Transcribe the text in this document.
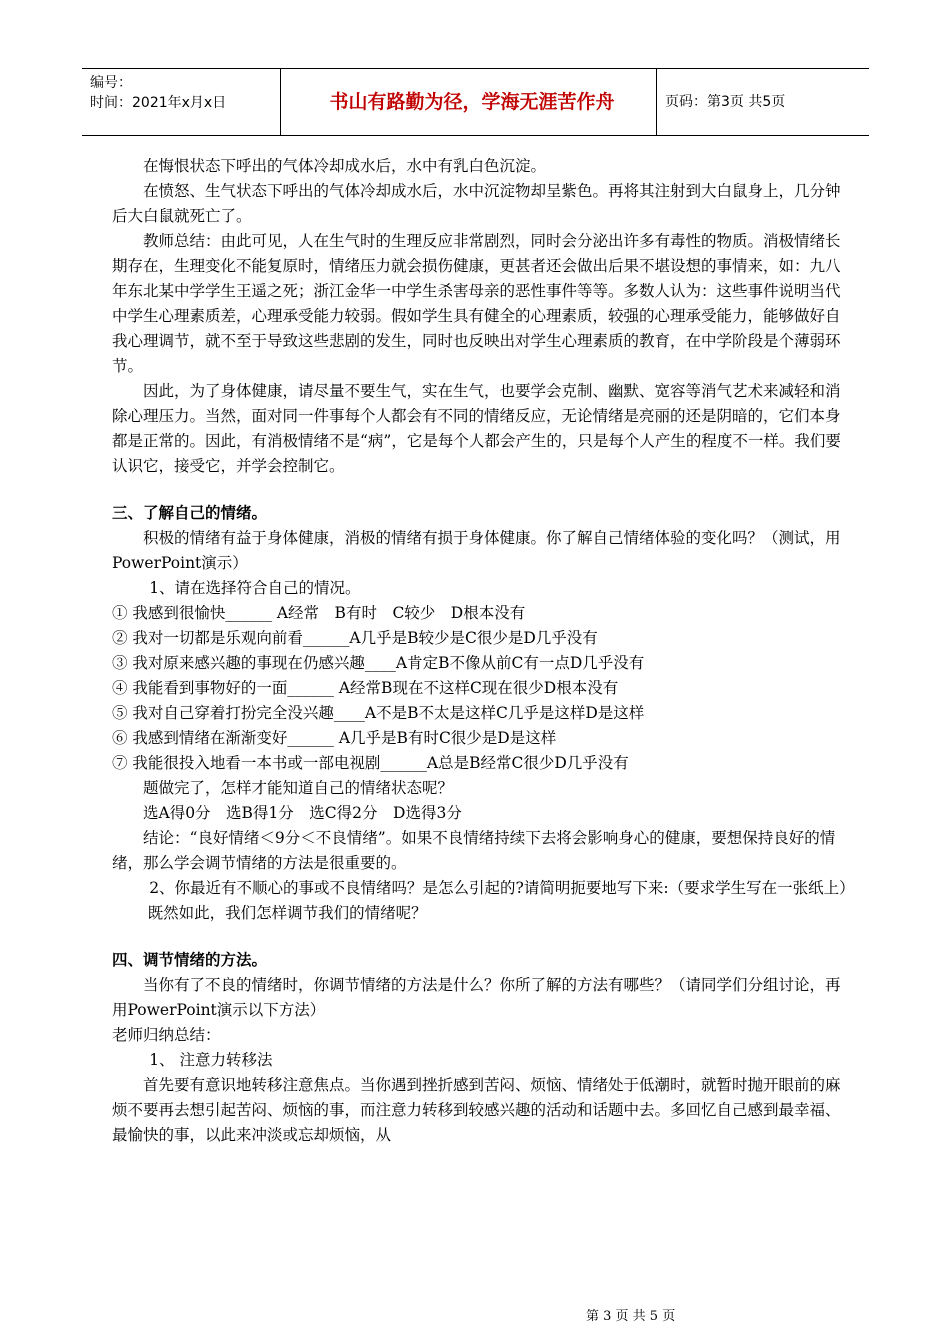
编号：
时间：2021年x月x日	书山有路勤为径，学海无涯苦作舟	页码：第3页 共5页

在悔恨状态下呼出的气体冷却成水后，水中有乳白色沉淀。

在愤怒、生气状态下呼出的气体冷却成水后，水中沉淀物却呈紫色。再将其注射到大白鼠身上，几分钟后大白鼠就死亡了。

教师总结：由此可见，人在生气时的生理反应非常剧烈，同时会分泌出许多有毒性的物质。消极情绪长期存在，生理变化不能复原时，情绪压力就会损伤健康，更甚者还会做出后果不堪设想的事情来，如：九八年东北某中学学生王遥之死；浙江金华一中学生杀害母亲的恶性事件等等。多数人认为：这些事件说明当代中学生心理素质差，心理承受能力较弱。假如学生具有健全的心理素质，较强的心理承受能力，能够做好自我心理调节，就不至于导致这些悲剧的发生，同时也反映出对学生心理素质的教育，在中学阶段是个薄弱环节。

因此，为了身体健康，请尽量不要生气，实在生气，也要学会克制、幽默、宽容等消气艺术来减轻和消除心理压力。当然，面对同一件事每个人都会有不同的情绪反应，无论情绪是亮丽的还是阴暗的，它们本身都是正常的。因此，有消极情绪不是“病”，它是每个人都会产生的，只是每个人产生的程度不一样。我们要认识它，接受它，并学会控制它。

三、了解自己的情绪。

积极的情绪有益于身体健康，消极的情绪有损于身体健康。你了解自己情绪体验的变化吗？（测试，用PowerPoint演示）

1、请在选择符合自己的情况。

① 我感到很愉快______ A经常　B有时　C较少　D根本没有

② 我对一切都是乐观向前看______A几乎是B较少是C很少是D几乎没有

③ 我对原来感兴趣的事现在仍感兴趣____A肯定B不像从前C有一点D几乎没有

④ 我能看到事物好的一面______ A经常B现在不这样C现在很少D根本没有

⑤ 我对自己穿着打扮完全没兴趣____A不是B不太是这样C几乎是这样D是这样

⑥ 我感到情绪在渐渐变好______ A几乎是B有时C很少是D是这样

⑦ 我能很投入地看一本书或一部电视剧______A总是B经常C很少D几乎没有

题做完了，怎样才能知道自己的情绪状态呢？

选A得0分　选B得1分　选C得2分　D选得3分

结论：“良好情绪＜9分＜不良情绪”。如果不良情绪持续下去将会影响身心的健康，要想保持良好的情绪，那么学会调节情绪的方法是很重要的。

2、你最近有不顺心的事或不良情绪吗？是怎么引起的?请简明扼要地写下来:（要求学生写在一张纸上）

既然如此，我们怎样调节我们的情绪呢？

四、调节情绪的方法。

当你有了不良的情绪时，你调节情绪的方法是什么？你所了解的方法有哪些？（请同学们分组讨论，再用PowerPoint演示以下方法）

老师归纳总结：

1、 注意力转移法

首先要有意识地转移注意焦点。当你遇到挫折感到苦闷、烦恼、情绪处于低潮时，就暂时抛开眼前的麻烦不要再去想引起苦闷、烦恼的事，而注意力转移到较感兴趣的活动和话题中去。多回忆自己感到最幸福、最愉快的事，以此来冲淡或忘却烦恼，从

第 3 页 共 5 页
